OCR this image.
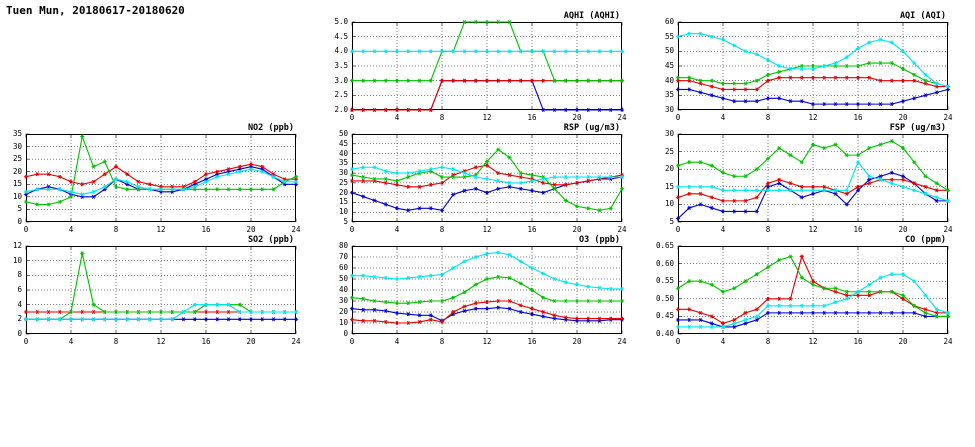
Tuen Mun, 20180617-20180620	AQHI (AQHI)
2.0
2.5
3.0
3.5
4.0
4.5
5.0
0	4	8	12	16	20	24
AQI (AQI)
30
35
40
45
50
55
60
0	4	8	12	16	20	24
NO2 (ppb)
0
5
10
15
20
25
30
35
0	4	8	12	16	20	24
RSP (ug/m3)
5
10
15
20
25
30
35
40
45
50
0	4	8	12	16	20	24
FSP (ug/m3)
5
10
15
20
25
30
0	4	8	12	16	20	24
SO2 (ppb)
0
2
4
6
8
10
12
0	4	8	12	16	20	24
O3 (ppb)
0
10
20
30
40
50
60
70
80
0	4	8	12	16	20	24
CO (ppm)
0.40
0.45
0.50
0.55
0.60
0.65
0	4	8	12	16	20	24
